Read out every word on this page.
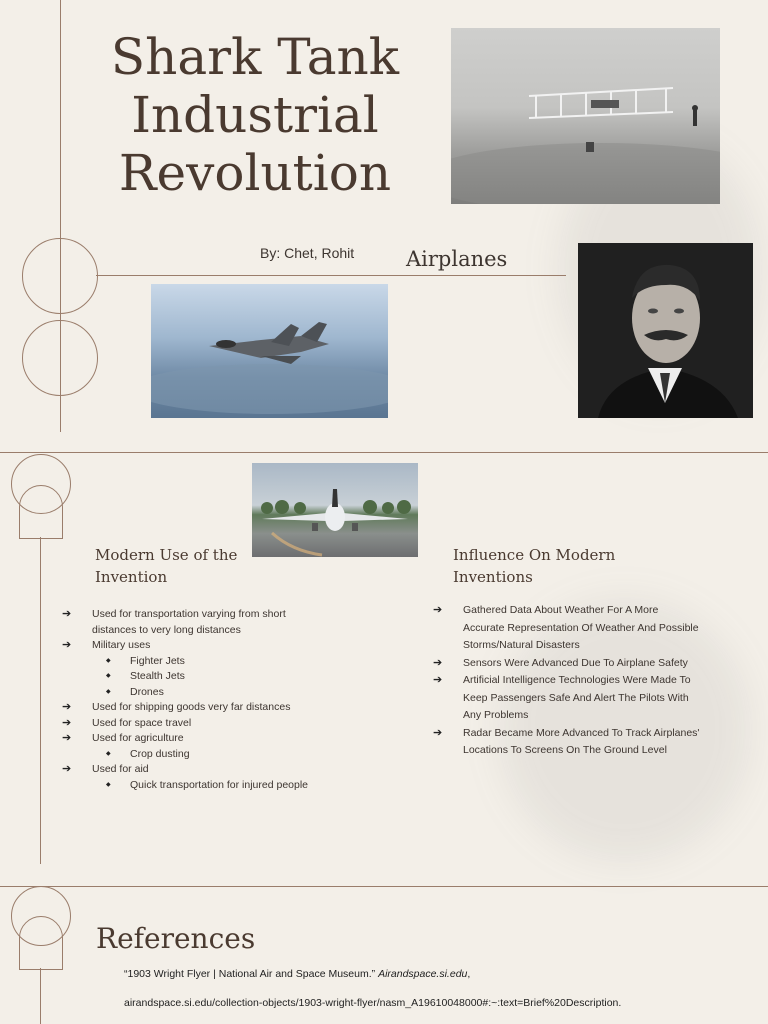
Shark Tank Industrial Revolution
By: Chet, Rohit Airplanes
Modern Use of the Invention
➔ Used for transportation varying from short distances to very long distances
➔ Military uses
◆ Fighter Jets
◆ Stealth Jets
◆ Drones
➔ Used for shipping goods very far distances
➔ Used for space travel
➔ Used for agriculture
◆ Crop dusting
➔ Used for aid
◆ Quick transportation for injured people
Influence On Modern Inventions
➔ Gathered Data About Weather For A More Accurate Representation Of Weather And Possible Storms/Natural Disasters
➔ Sensors Were Advanced Due To Airplane Safety
➔ Artificial Intelligence Technologies Were Made To Keep Passengers Safe And Alert The Pilots With Any Problems
➔ Radar Became More Advanced To Track Airplanes' Locations To Screens On The Ground Level
References
“1903 Wright Flyer | National Air and Space Museum.” Airandspace.si.edu,
airandspace.si.edu/collection-objects/1903-wright-flyer/nasm_A19610048000#:~:text=Brief%20Description.
